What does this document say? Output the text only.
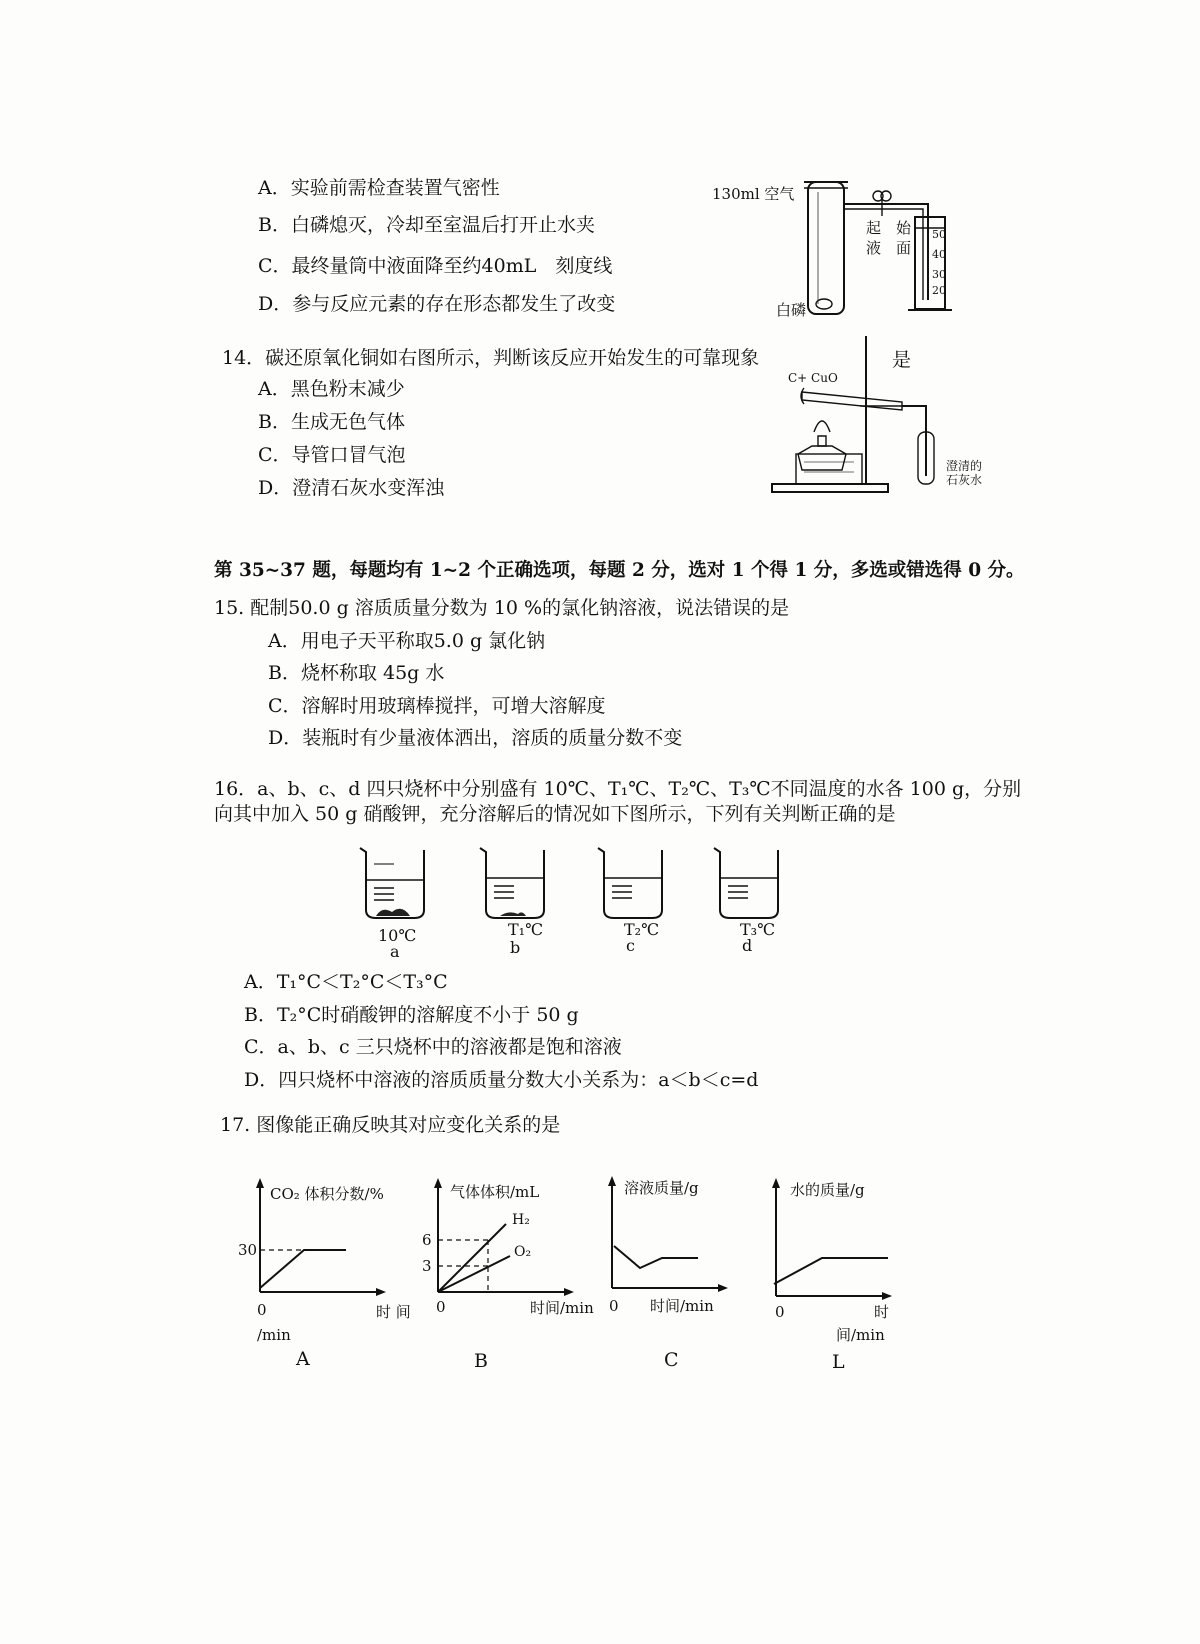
A．实验前需检查装置气密性
B．白磷熄灭，冷却至室温后打开止水夹
C．最终量筒中液面降至约40mL　刻度线
D．参与反应元素的存在形态都发生了改变
50
40
30
20
130ml 空气
起　始
液　面
白磷
14．碳还原氧化铜如右图所示，判断该反应开始发生的可靠现象	是
A．黑色粉末减少
B．生成无色气体
C．导管口冒气泡
D．澄清石灰水变浑浊
C+ CuO
澄清的
石灰水
第 35~37 题，每题均有 1~2 个正确选项，每题 2 分，选对 1 个得 1 分，多选或错选得 0 分。
15. 配制50.0 g 溶质质量分数为 10 %的氯化钠溶液，说法错误的是
A．用电子天平称取5.0 g 氯化钠
B．烧杯称取 45g 水
C．溶解时用玻璃棒搅拌，可增大溶解度
D．装瓶时有少量液体洒出，溶质的质量分数不变
16．a、b、c、d 四只烧杯中分别盛有 10℃、T₁℃、T₂℃、T₃℃不同温度的水各 100 g，分别
向其中加入 50 g 硝酸钾，充分溶解后的情况如下图所示，下列有关判断正确的是
10℃
a
T₁℃
b
T₂℃
c
T₃℃
d
A．T₁°C＜T₂°C＜T₃°C
B．T₂°C时硝酸钾的溶解度不小于 50 g
C．a、b、c 三只烧杯中的溶液都是饱和溶液
D．四只烧杯中溶液的溶质质量分数大小关系为：a＜b＜c=d
17. 图像能正确反映其对应变化关系的是
CO₂ 体积分数/%
30
0	时 间
/min
A
气体体积/mL
H₂
6
O₂
3
0	时间/min
B
溶液质量/g
0 时间/min
C
水的质量/g
0	时
间/min
L
